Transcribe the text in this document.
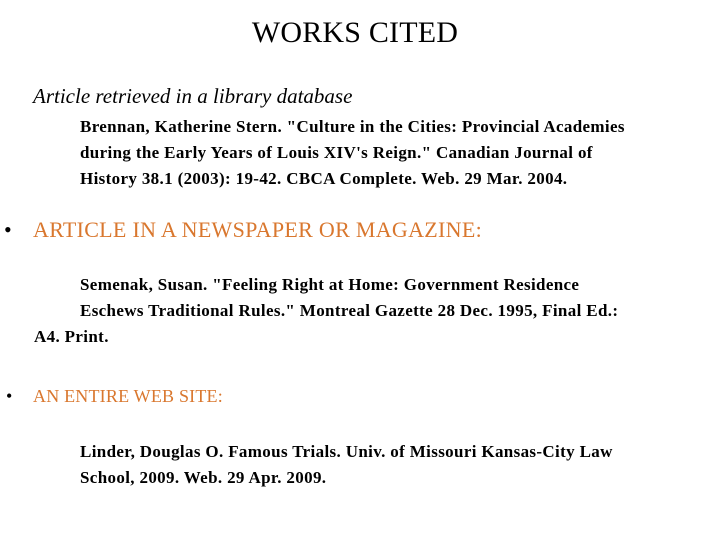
WORKS CITED
Article retrieved in a library database
Brennan, Katherine Stern. "Culture in the Cities: Provincial Academies
during the Early Years of Louis XIV's Reign." Canadian Journal of
History 38.1 (2003): 19-42. CBCA Complete. Web. 29 Mar. 2004.
• ARTICLE IN A NEWSPAPER OR MAGAZINE:
Semenak, Susan. "Feeling Right at Home: Government Residence
Eschews Traditional Rules." Montreal Gazette 28 Dec. 1995, Final Ed.:
A4. Print.
• AN ENTIRE WEB SITE:
Linder, Douglas O. Famous Trials. Univ. of Missouri Kansas-City Law
School, 2009. Web. 29 Apr. 2009.
